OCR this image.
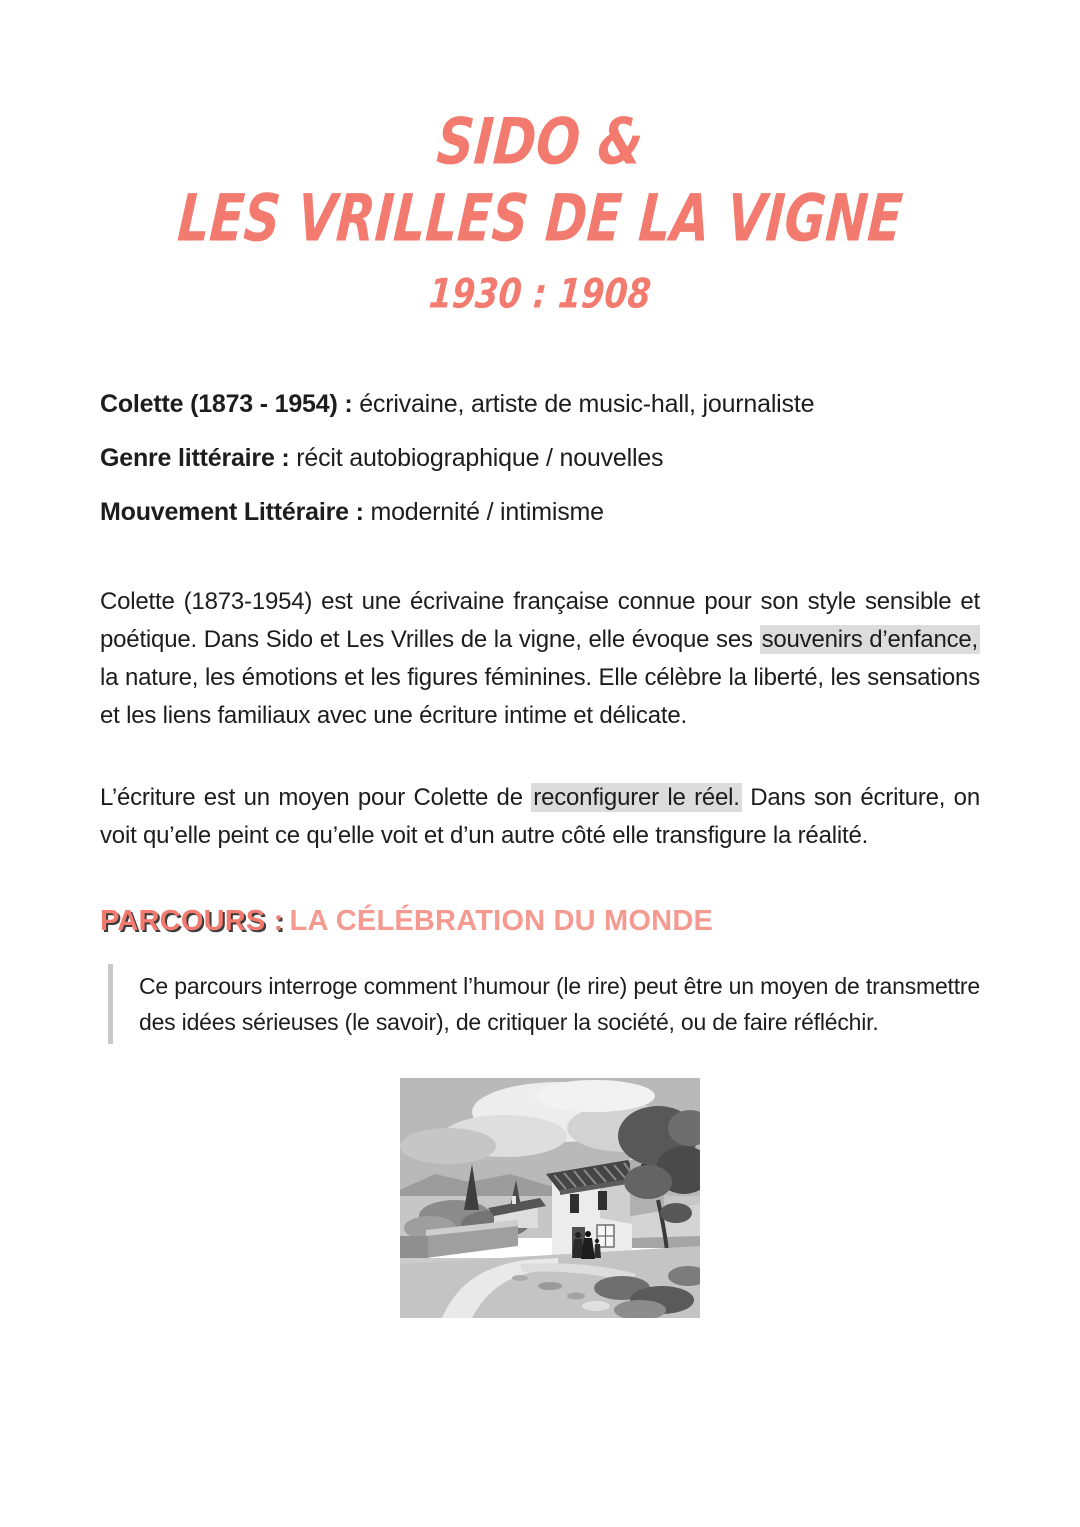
SIDO &
LES VRILLES DE LA VIGNE
1930 : 1908

Colette (1873 - 1954) : écrivaine, artiste de music-hall, journaliste

Genre littéraire : récit autobiographique / nouvelles

Mouvement Littéraire : modernité / intimisme

Colette (1873-1954) est une écrivaine française connue pour son style sensible et poétique. Dans Sido et Les Vrilles de la vigne, elle évoque ses souvenirs d’enfance, la nature, les émotions et les figures féminines. Elle célèbre la liberté, les sensations et les liens familiaux avec une écriture intime et délicate.

L’écriture est un moyen pour Colette de reconfigurer le réel. Dans son écriture, on voit qu’elle peint ce qu’elle voit et d’un autre côté elle transfigure la réalité.

PARCOURS : LA CÉLÉBRATION DU MONDE
Ce parcours interroge comment l’humour (le rire) peut être un moyen de transmettre des idées sérieuses (le savoir), de critiquer la société, ou de faire réfléchir.
